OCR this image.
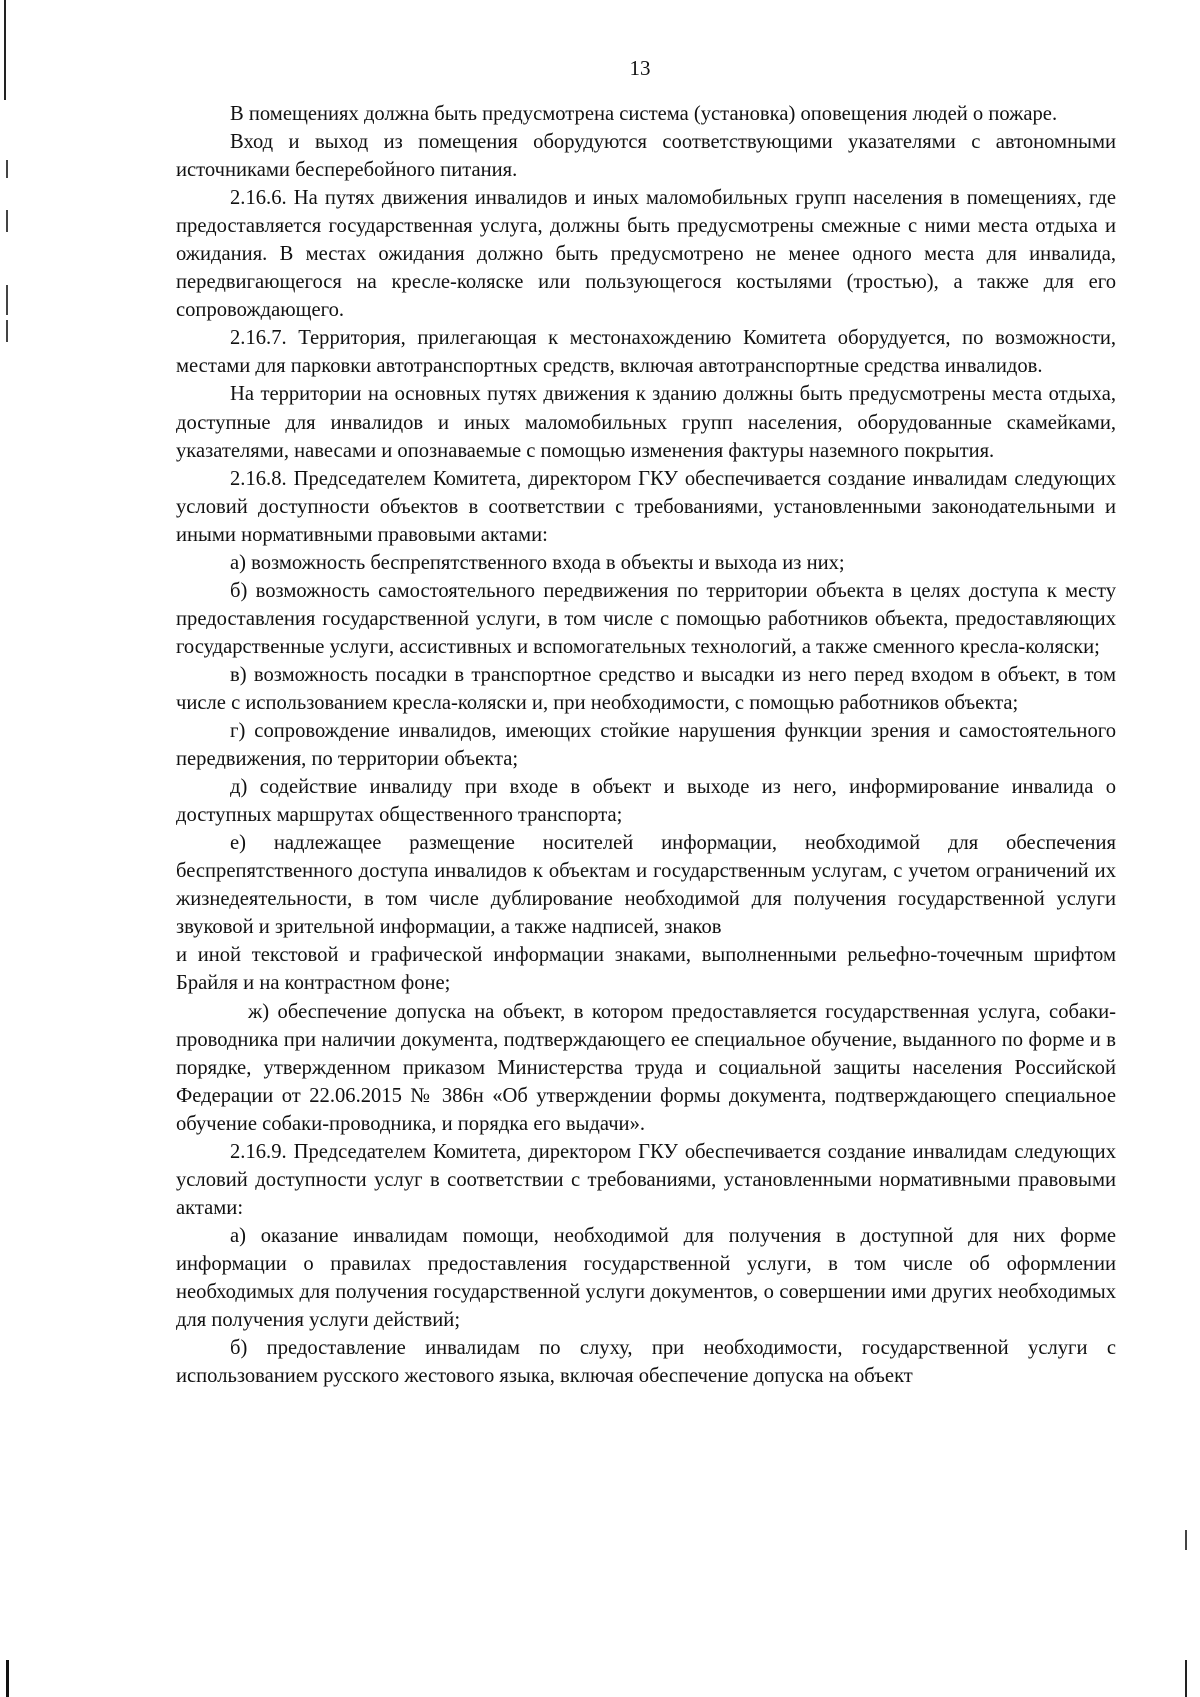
13

В помещениях должна быть предусмотрена система (установка) оповещения людей о пожаре.

Вход и выход из помещения оборудуются соответствующими указателями с автономными источниками бесперебойного питания.

2.16.6. На путях движения инвалидов и иных маломобильных групп населения в помещениях, где предоставляется государственная услуга, должны быть предусмотрены смежные с ними места отдыха и ожидания. В местах ожидания должно быть предусмотрено не менее одного места для инвалида, передвигающегося на кресле-коляске или пользующегося костылями (тростью), а также для его сопровождающего.

2.16.7. Территория, прилегающая к местонахождению Комитета оборудуется, по возможности, местами для парковки автотранспортных средств, включая автотранспортные средства инвалидов.

На территории на основных путях движения к зданию должны быть предусмотрены места отдыха, доступные для инвалидов и иных маломобильных групп населения, оборудованные скамейками, указателями, навесами и опознаваемые с помощью изменения фактуры наземного покрытия.

2.16.8. Председателем Комитета, директором ГКУ обеспечивается создание инвалидам следующих условий доступности объектов в соответствии с требованиями, установленными законодательными и иными нормативными правовыми актами:

а) возможность беспрепятственного входа в объекты и выхода из них;

б) возможность самостоятельного передвижения по территории объекта в целях доступа к месту предоставления государственной услуги, в том числе с помощью работников объекта, предоставляющих государственные услуги, ассистивных и вспомогательных технологий, а также сменного кресла-коляски;

в) возможность посадки в транспортное средство и высадки из него перед входом в объект, в том числе с использованием кресла-коляски и, при необходимости, с помощью работников объекта;

г) сопровождение инвалидов, имеющих стойкие нарушения функции зрения и самостоятельного передвижения, по территории объекта;

д) содействие инвалиду при входе в объект и выходе из него, информирование инвалида о доступных маршрутах общественного транспорта;

е) надлежащее размещение носителей информации, необходимой для обеспечения беспрепятственного доступа инвалидов к объектам и государственным услугам, с учетом ограничений их жизнедеятельности, в том числе дублирование необходимой для получения государственной услуги звуковой и зрительной информации, а также надписей, знаков

и иной текстовой и графической информации знаками, выполненными рельефно-точечным шрифтом Брайля и на контрастном фоне;

ж) обеспечение допуска на объект, в котором предоставляется государственная услуга, собаки-проводника при наличии документа, подтверждающего ее специальное обучение, выданного по форме и в порядке, утвержденном приказом Министерства труда и социальной защиты населения Российской Федерации от 22.06.2015 № 386н «Об утверждении формы документа, подтверждающего специальное обучение собаки-проводника, и порядка его выдачи».

2.16.9. Председателем Комитета, директором ГКУ обеспечивается создание инвалидам следующих условий доступности услуг в соответствии с требованиями, установленными нормативными правовыми актами:

а) оказание инвалидам помощи, необходимой для получения в доступной для них форме информации о правилах предоставления государственной услуги, в том числе об оформлении необходимых для получения государственной услуги документов, о совершении ими других необходимых для получения услуги действий;

б) предоставление инвалидам по слуху, при необходимости, государственной услуги с использованием русского жестового языка, включая обеспечение допуска на объект
